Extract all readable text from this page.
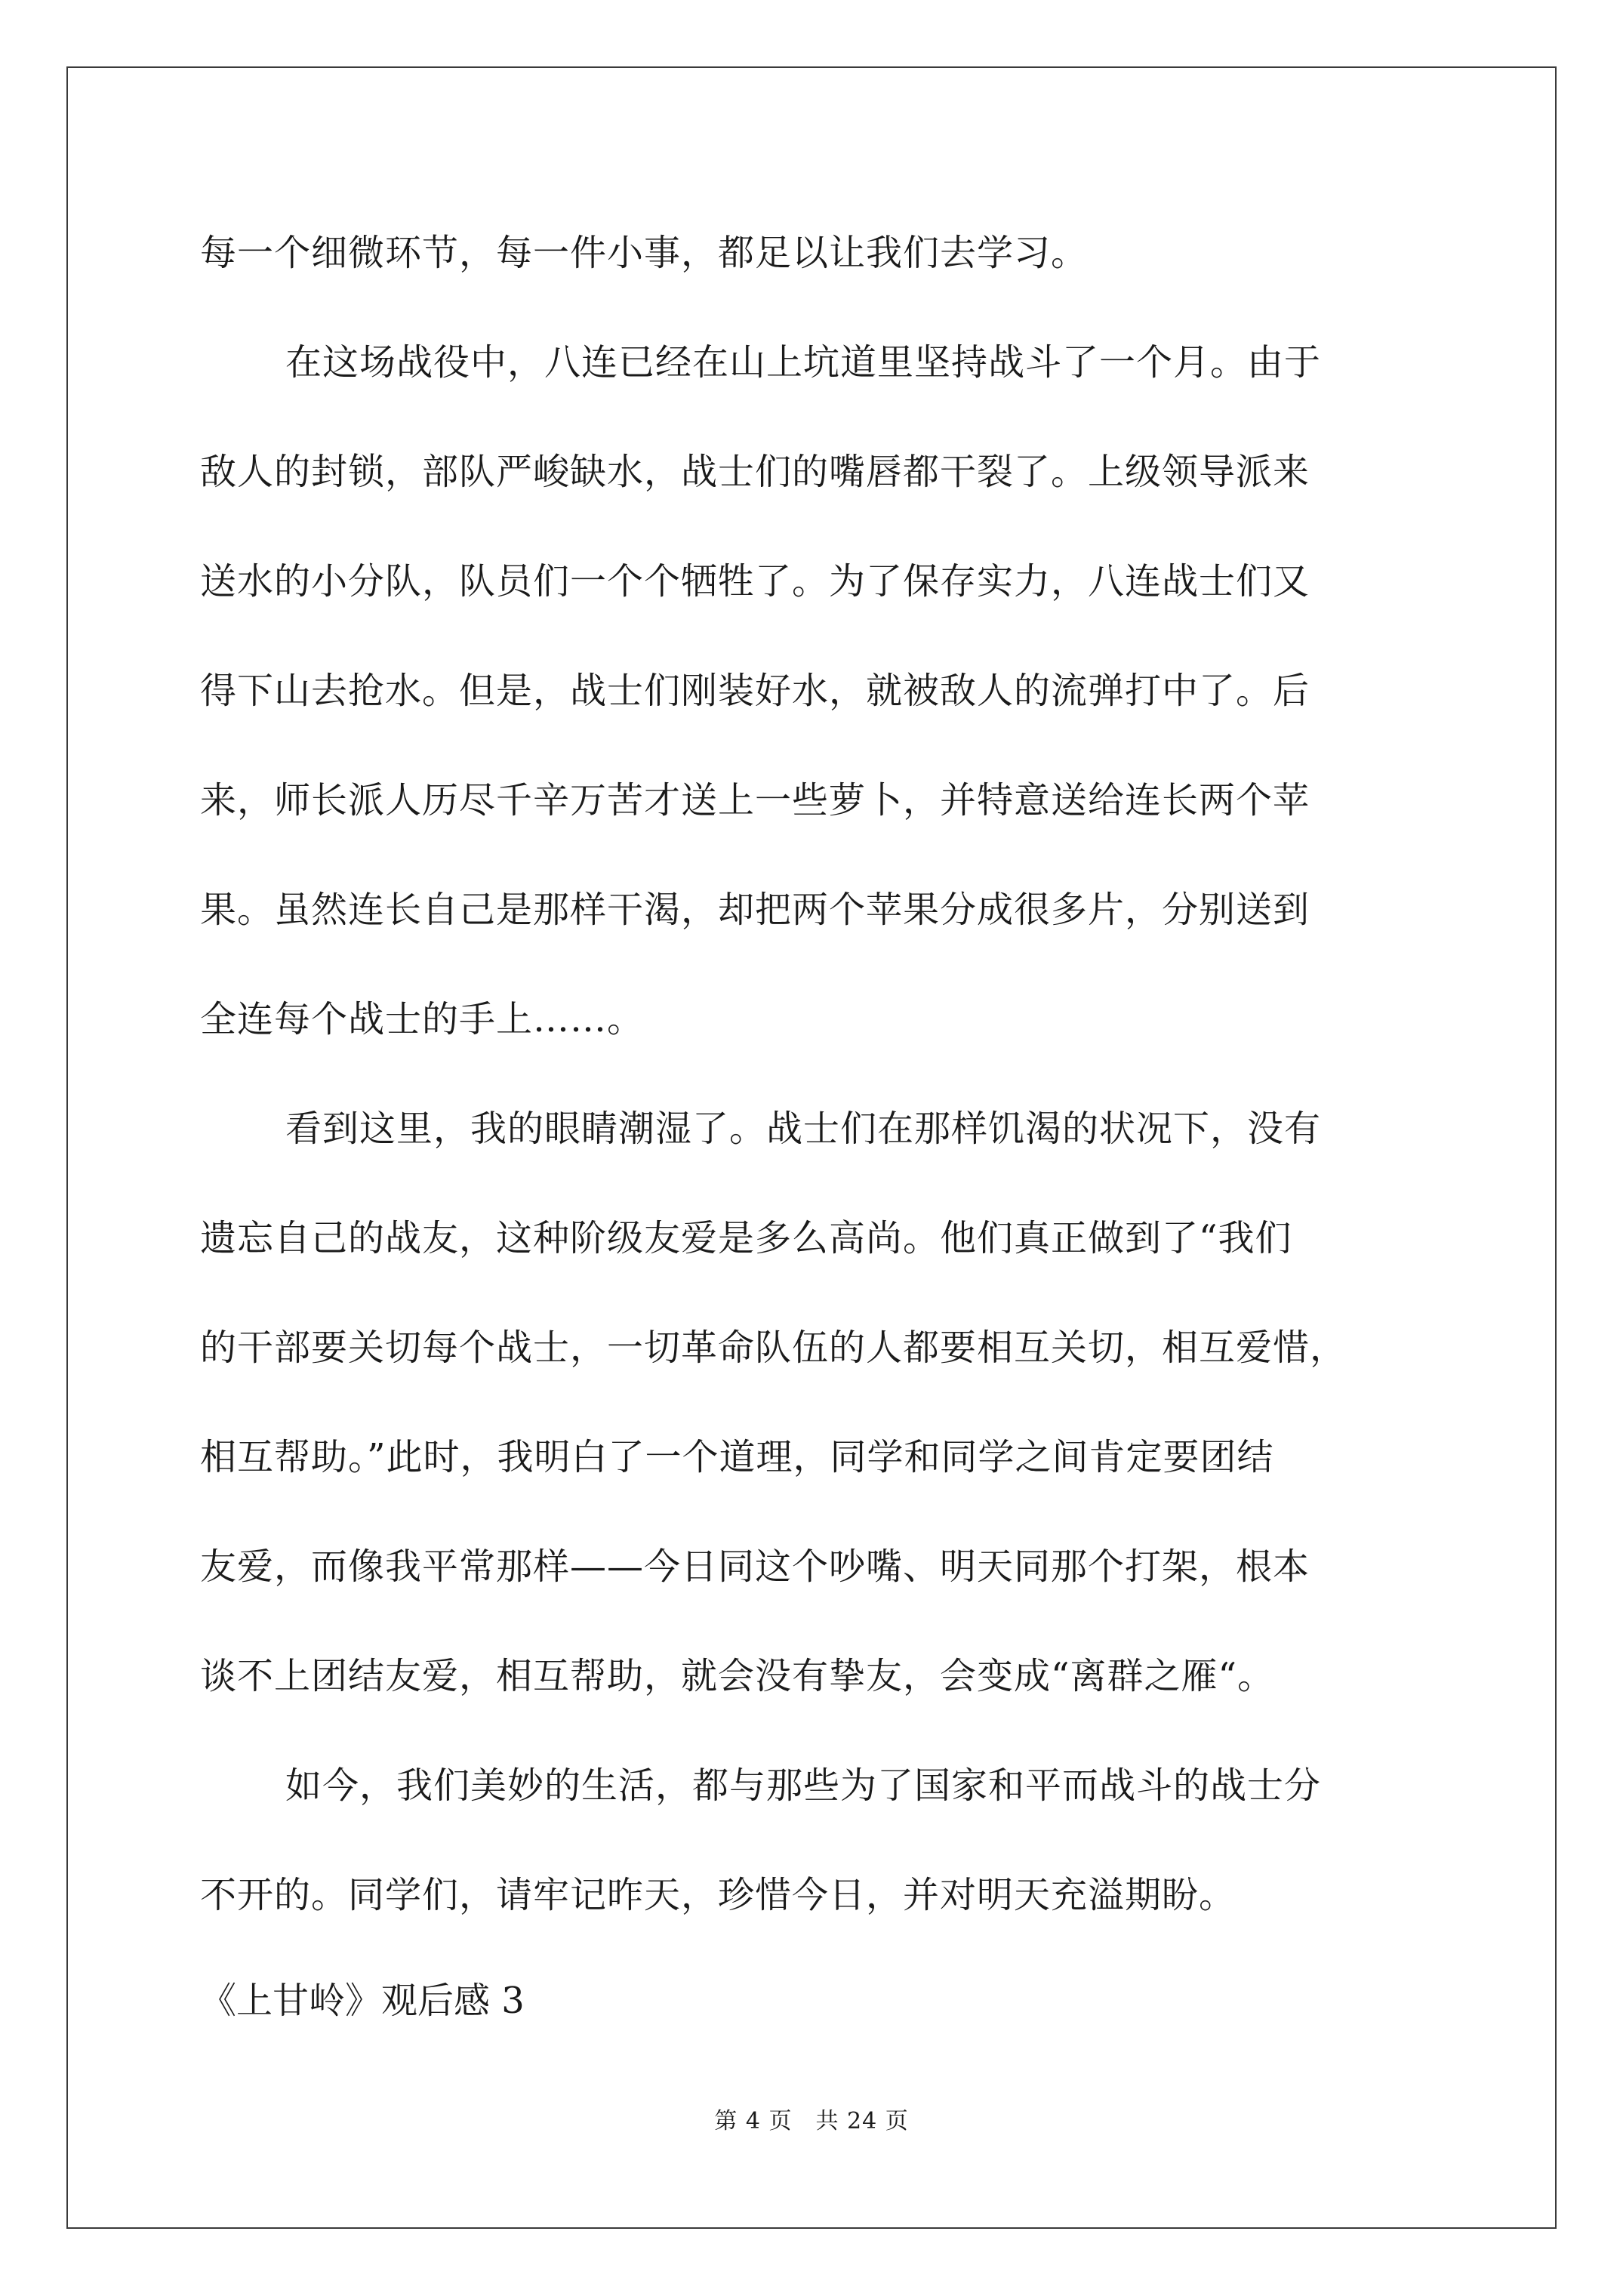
每一个细微环节，每一件小事，都足以让我们去学习。
在这场战役中，八连已经在山上坑道里坚持战斗了一个月。由于
敌人的封锁，部队严峻缺水，战士们的嘴唇都干裂了。上级领导派来
送水的小分队，队员们一个个牺牲了。为了保存实力，八连战士们又
得下山去抢水。但是，战士们刚装好水，就被敌人的流弹打中了。后
来，师长派人历尽千辛万苦才送上一些萝卜，并特意送给连长两个苹
果。虽然连长自己是那样干渴，却把两个苹果分成很多片，分别送到
全连每个战士的手上……。
看到这里，我的眼睛潮湿了。战士们在那样饥渴的状况下，没有
遗忘自己的战友，这种阶级友爱是多么高尚。他们真正做到了“我们
的干部要关切每个战士，一切革命队伍的人都要相互关切，相互爱惜，
相互帮助。”此时，我明白了一个道理，同学和同学之间肯定要团结
友爱，而像我平常那样——今日同这个吵嘴、明天同那个打架，根本
谈不上团结友爱，相互帮助，就会没有挚友，会变成“离群之雁“。
如今，我们美妙的生活，都与那些为了国家和平而战斗的战士分
不开的。同学们，请牢记昨天，珍惜今日，并对明天充溢期盼。
《上甘岭》观后感 3
第 4 页　共 24 页
